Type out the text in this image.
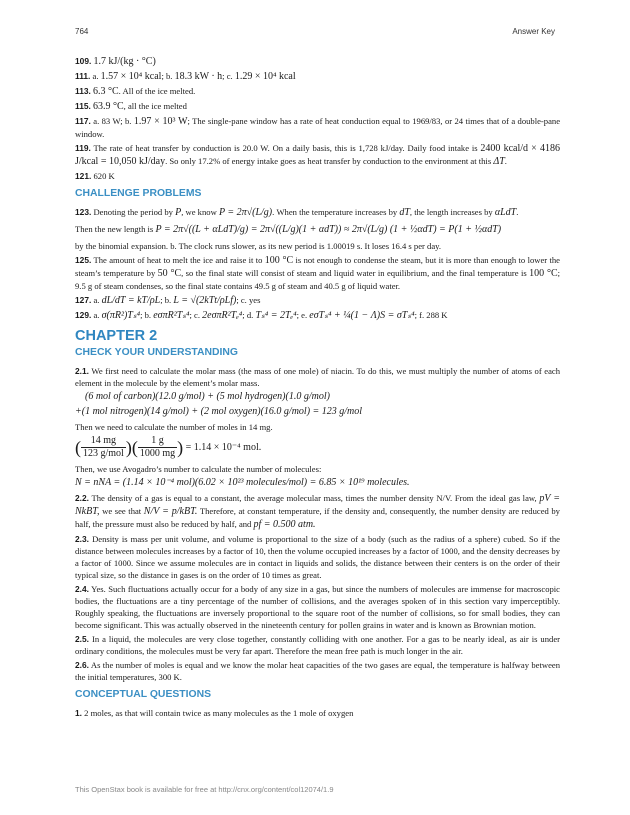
764	Answer Key

109. 1.7 kJ/(kg · °C)

111. a. 1.57 × 10⁴ kcal; b. 18.3 kW · h; c. 1.29 × 10⁴ kcal

113. 6.3 °C. All of the ice melted.

115. 63.9 °C, all the ice melted

117. a. 83 W; b. 1.97 × 10³ W; The single-pane window has a rate of heat conduction equal to 1969/83, or 24 times that of a double-pane window.

119. The rate of heat transfer by conduction is 20.0 W. On a daily basis, this is 1,728 kJ/day. Daily food intake is 2400 kcal/d × 4186 J/kcal = 10,050 kJ/day. So only 17.2% of energy intake goes as heat transfer by conduction to the environment at this ΔT.

121. 620 K

CHALLENGE PROBLEMS

123. Denoting the period by P, we know P = 2π√(L/g). When the temperature increases by dT, the length increases by αLdT.

Then the new length is P = 2π√((L + αLdT)/g) = 2π√((L/g)(1 + αdT)) ≈ 2π√(L/g) (1 + ½αdT) = P(1 + ½αdT)

by the binomial expansion. b. The clock runs slower, as its new period is 1.00019 s. It loses 16.4 s per day.

125. The amount of heat to melt the ice and raise it to 100 °C is not enough to condense the steam, but it is more than enough to lower the steam’s temperature by 50 °C, so the final state will consist of steam and liquid water in equilibrium, and the final temperature is 100 °C; 9.5 g of steam condenses, so the final state contains 49.5 g of steam and 40.5 g of liquid water.

127. a. dL/dT = kT/ρL; b. L = √(2kTt/ρLf); c. yes

129. a. σ(πR²)Tₛ⁴; b. eσπR²Tₛ⁴; c. 2eσπR²Tₑ⁴; d. Tₛ⁴ = 2Tₑ⁴; e. eσTₛ⁴ + ¼(1 − Λ)S = σTₛ⁴; f. 288 K

CHAPTER 2
CHECK YOUR UNDERSTANDING

2.1. We first need to calculate the molar mass (the mass of one mole) of niacin. To do this, we must multiply the number of atoms of each element in the molecule by the element’s molar mass.

(6 mol of carbon)(12.0 g/mol) + (5 mol hydrogen)(1.0 g/mol)
+(1 mol nitrogen)(14 g/mol) + (2 mol oxygen)(16.0 g/mol) = 123 g/mol

Then we need to calculate the number of moles in 14 mg.

( $\frac{14 mg}{\text{123 g/mol}}$ )( $\frac{1 g}{1000 mg}$ ) = 1.14 × 10⁻⁴ mol.

Then, we use Avogadro’s number to calculate the number of molecules:

N = nNA = (1.14 × 10⁻⁴ mol)(6.02 × 10²³ molecules/mol) = 6.85 × 10¹⁹ molecules.

2.2. The density of a gas is equal to a constant, the average molecular mass, times the number density N/V. From the ideal gas law, pV = NkBT, we see that N/V = p/kBT. Therefore, at constant temperature, if the density and, consequently, the number density are reduced by half, the pressure must also be reduced by half, and pf = 0.500 atm.

2.3. Density is mass per unit volume, and volume is proportional to the size of a body (such as the radius of a sphere) cubed. So if the distance between molecules increases by a factor of 10, then the volume occupied increases by a factor of 1000, and the density decreases by a factor of 1000. Since we assume molecules are in contact in liquids and solids, the distance between their centers is on the order of their typical size, so the distance in gases is on the order of 10 times as great.

2.4. Yes. Such fluctuations actually occur for a body of any size in a gas, but since the numbers of molecules are immense for macroscopic bodies, the fluctuations are a tiny percentage of the number of collisions, and the averages spoken of in this section vary imperceptibly. Roughly speaking, the fluctuations are inversely proportional to the square root of the number of collisions, so for small bodies, they can become significant. This was actually observed in the nineteenth century for pollen grains in water and is known as Brownian motion.

2.5. In a liquid, the molecules are very close together, constantly colliding with one another. For a gas to be nearly ideal, as air is under ordinary conditions, the molecules must be very far apart. Therefore the mean free path is much longer in the air.

2.6. As the number of moles is equal and we know the molar heat capacities of the two gases are equal, the temperature is halfway between the initial temperatures, 300 K.

CONCEPTUAL QUESTIONS

1. 2 moles, as that will contain twice as many molecules as the 1 mole of oxygen

This OpenStax book is available for free at http://cnx.org/content/col12074/1.9
